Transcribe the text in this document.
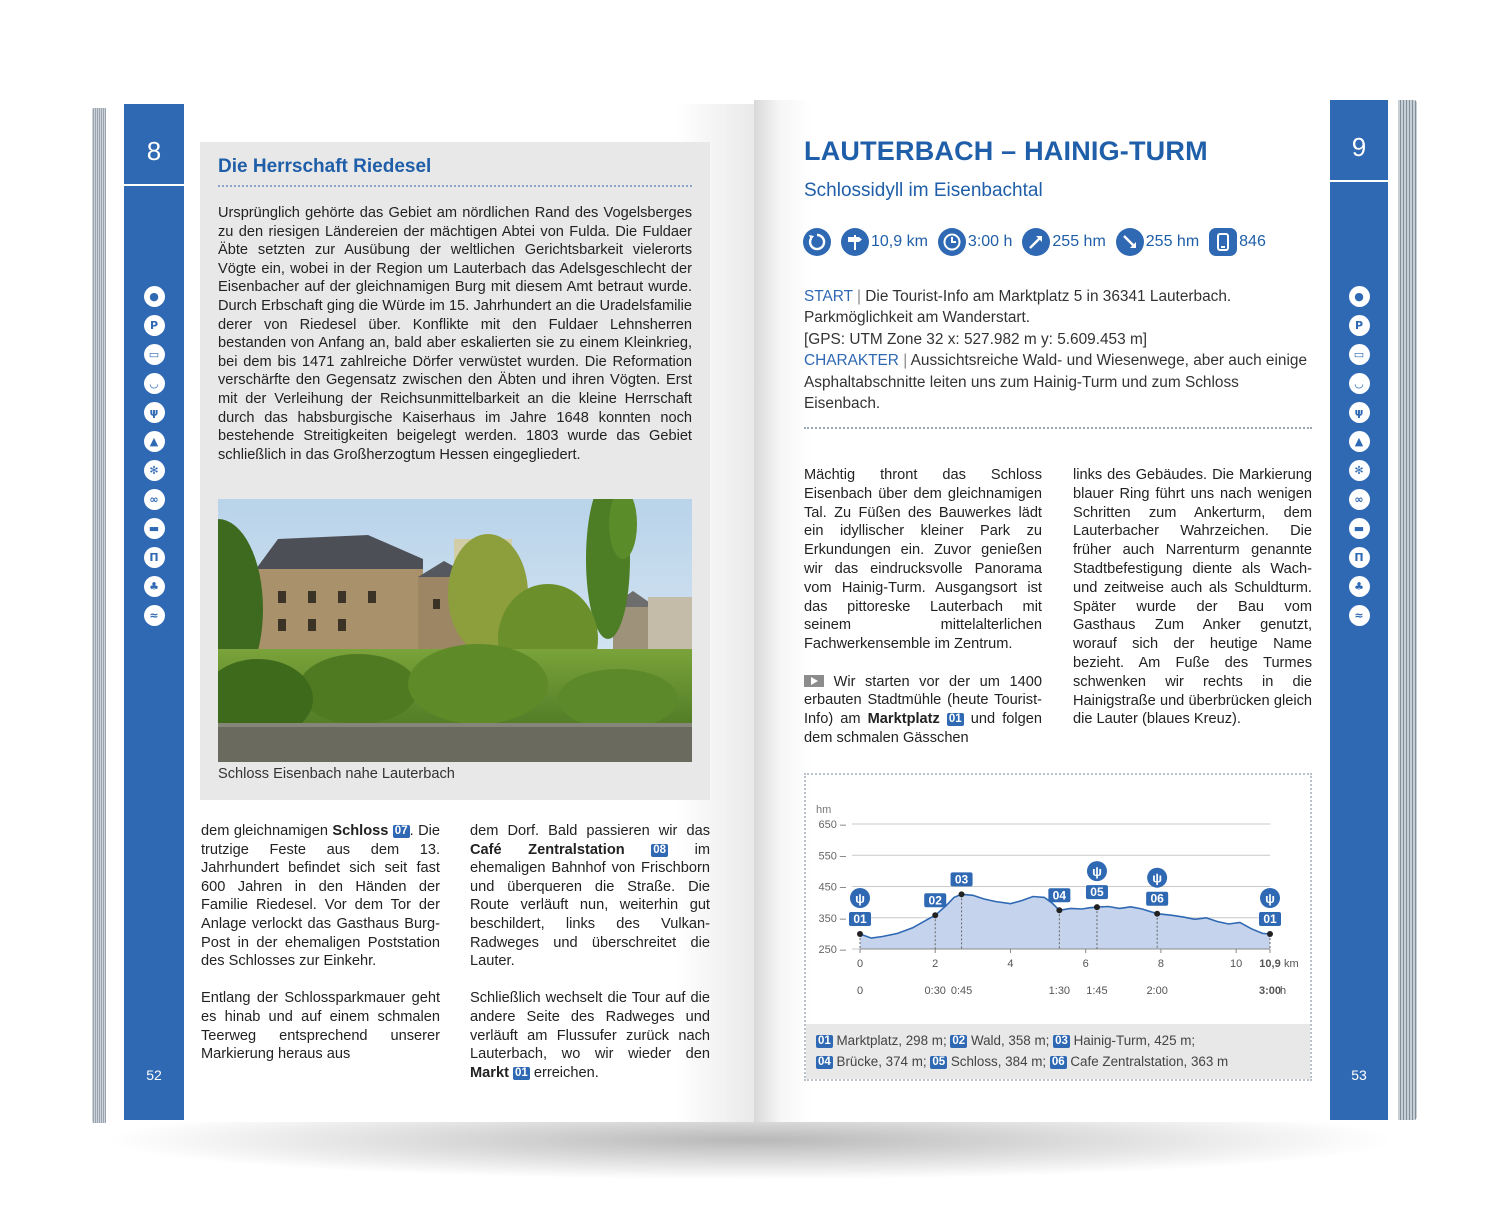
8
●
P
▭
◡
ψ
▲
✻
∞
▬
Π
♣
≈
52
Die Herrschaft Riedesel
Ursprünglich gehörte das Gebiet am nördlichen Rand des Vogelsberges zu den riesigen Ländereien der mächtigen Abtei von Fulda. Die Fuldaer Äbte setzten zur Ausübung der weltlichen Gerichtsbarkeit vielerorts Vögte ein, wobei in der Region um Lauterbach das Adelsgeschlecht der Eisenbacher auf der gleichnamigen Burg mit diesem Amt betraut wurde. Durch Erbschaft ging die Würde im 15. Jahrhundert an die Uradelsfamilie derer von Riedesel über. Konflikte mit den Fuldaer Lehnsherren bestanden von Anfang an, bald aber eskalierten sie zu einem Kleinkrieg, bei dem bis 1471 zahlreiche Dörfer verwüstet wurden. Die Reformation verschärfte den Gegensatz zwischen den Äbten und ihren Vögten. Erst mit der Verleihung der Reichsunmittelbarkeit an die kleine Herrschaft durch das habsburgische Kaiserhaus im Jahre 1648 konnten noch bestehende Streitigkeiten beigelegt werden. 1803 wurde das Gebiet schließlich in das Großherzogtum Hessen eingegliedert.
Schloss Eisenbach nahe Lauterbach

dem gleichnamigen Schloss 07 . Die trutzige Feste aus dem 13. Jahrhundert befindet sich seit fast 600 Jahren in den Händen der Familie Riedesel. Vor dem Tor der Anlage verlockt das Gasthaus Burg-Post in der ehemaligen Poststation des Schlosses zur Einkehr.

Entlang der Schlossparkmauer geht es hinab und auf einem schmalen Teerweg entsprechend unserer Markierung heraus aus

dem Dorf. Bald passieren wir das Café Zentralstation 08 im ehemaligen Bahnhof von Frischborn und überqueren die Straße. Die Route verläuft nun, weiterhin gut beschildert, links des Vulkan-Radweges und überschreitet die Lauter.

Schließlich wechselt die Tour auf die andere Seite des Radweges und verläuft am Flussufer zurück nach Lauterbach, wo wir wieder den Markt 01 erreichen.

9
●
P
▭
◡
ψ
▲
✻
∞
▬
Π
♣
≈
53
LAUTERBACH – HAINIG-TURM
Schlossidyll im Eisenbachtal
10,9 km	3:00 h	255 hm	255 hm	846
START | Die Tourist-Info am Marktplatz 5 in 36341 Lauterbach. Parkmöglichkeit am Wanderstart.
[GPS: UTM Zone 32 x: 527.982 m y: 5.609.453 m]
CHARAKTER | Aussichtsreiche Wald- und Wiesenwege, aber auch einige Asphaltabschnitte leiten uns zum Hainig-Turm und zum Schloss Eisenbach.

Mächtig thront das Schloss Eisenbach über dem gleichnamigen Tal. Zu Füßen des Bauwerkes lädt ein idyllischer kleiner Park zu Erkundungen ein. Zuvor genießen wir das eindrucksvolle Panorama vom Hainig-Turm. Ausgangsort ist das pittoreske Lauterbach mit seinem mittelalterlichen Fachwerkensemble im Zentrum.

Wir starten vor der um 1400 erbauten Stadtmühle (heute Tourist-Info) am Marktplatz 01 und folgen dem schmalen Gässchen

links des Gebäudes. Die Markierung blauer Ring führt uns nach wenigen Schritten zum Ankerturm, dem Lauterbacher Wahrzeichen. Die früher auch Narrenturm genannte Stadtbefestigung diente als Wach- und zeitweise auch als Schuldturm. Später wurde der Bau vom Gasthaus Zum Anker genutzt, worauf sich der heutige Name bezieht. Am Fuße des Turmes schwenken wir rechts in die Hainigstraße und überbrücken gleich die Lauter (blaues Kreuz).

hm
650 –
550 –
450 –
350 –
250 –
0	2	4	6	8	10 10,9 km
0	0:30 0:45	1:30 1:45	2:00	3:00
h
01
ψ	02
03
04 05
ψ
06
ψ
01
ψ
01 Marktplatz, 298 m; 02 Wald, 358 m; 03 Hainig-Turm, 425 m;
04 Brücke, 374 m; 05 Schloss, 384 m; 06 Cafe Zentralstation, 363 m
